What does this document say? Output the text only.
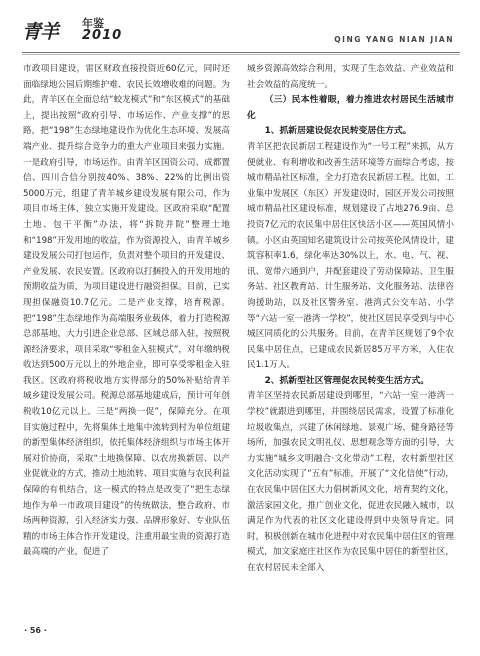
青羊 年鉴
2010	QING YANG NIAN JIAN

市政项目建设，雷区财政直接投资近60亿元，同时还面临绿地公园后期维护难、农民长效增收难的问题。为此，青羊区在全面总结“蛟龙模式”和“东区模式”的基础上，提出按照“政府引导、市场运作、产业支撑”的思路，把“198”生态绿地建设作为优化生态环境、发展高端产业、提升综合竞争力的重大产业项目来强力实施。一是政府引导，市场运作。由青羊区国资公司、成都置信、四川合信分别按40%、38%、22%的比例出资5000万元，组建了青羊城乡建设发展有限公司，作为项目市场主体，独立实施开发建设。区政府采取“配置土地、包干平衡”办法，将“拆院并院”整理土地和“198”开发用地的收益，作为资源投入，由青羊城乡建设发展公司打包运作，负责对整个项目的开发建设、产业发展、农民安置。区政府以打捆投入的开发用地的预期收益为质，为项目建设进行融资担保。目前，已实现担保融资10.7亿元。二是产业支撑，培育税源。把“198”生态绿地作为高端服务业载体，着力打造税源总部基地，大力引进企业总部、区域总部入驻，按照税源经济要求，项目采取“零租金入驻模式”，对年缴纳税收达到500万元以上的外地企业，即可享受零租金入驻我区。区政府将税收地方实得部分的50%补贴给青羊城乡建设发展公司。税源总部基地建成后，预计可年创税收10亿元以上。三是“两换一促”，保障充分。在项目实施过程中，先将集体土地集中流转到村为单位组建的新型集体经济组织，依托集体经济组织与市场主体开展对价协商，采取“土地换保障、以农房换新居、以产业促就业的方式，推动土地流转、项目实施与农民利益保障的有机结合，这一模式的特点是改变了“把生态绿地作为单一市政项目建设”的传统做法，整合政府、市场两种资源，引入经济实力强、品牌形象好、专业队伍精的市场主体合作开发建设，注重用最宝贵的资源打造最高端的产业，促进了

城乡资源高效综合利用，实现了生态效益、产业效益和社会效益的高度统一。

（三）民本性着眼，着力推进农村居民生活城市化
1、抓新居建设促农民转变居住方式。

青羊区把农民新居工程建设作为“一号工程”来抓，从方便就业、有利增收和改善生活环境等方面综合考虑，按城市精品社区标准，全力打造农民新居工程。比如，工业集中发展区（东区）开发建设时，园区开发公司按照城市精品社区建设标准，规划建设了占地276.9亩、总投资7亿元的农民集中居住区快活小区——英国风情小镇。小区由英国知名建筑设计公司按英伦风情设计，建筑容积率1.6，绿化率达30%以上，水、电、气、视、讯、宽带六通到户，并配套建设了劳动保障站、卫生服务站、社区教育站、计生服务站、文化服务站、法律咨询援助站，以及社区警务室、港湾式公交车站、小学等“六站一室一港湾一学校”，使社区居民享受到与中心城区同质化的公共服务。目前，在青羊区规划了9个农民集中居住点，已建成农民新居85万平方米，入住农民1.1万人。

2、抓新型社区管理促农民转变生活方式。

青羊区坚持农民新居建设到哪里，“六站一室一港湾一学校”就跟进到哪里，并围绕居民需求，设置了标准化垃圾收集点，兴建了休闲绿地、景观广场、健身路径等场所，加强农民文明礼仪、思想观念等方面的引导，大力实施“城乡文明融合·文化带动”工程，农村新型社区文化活动实现了“五有”标准，开展了“文化信使”行动，在农民集中居住区大力倡树新风文化，培育契约文化，激活家园文化，推广创业文化，促进农民融入城市，以满足作为代表的社区文化建设得到中央领导肯定。同时，积极创新在城市化进程中对农民集中居住区的管理模式，加文家庭庄社区作为农民集中居住的新型社区，在农村居民未全部入

· 56 ·
